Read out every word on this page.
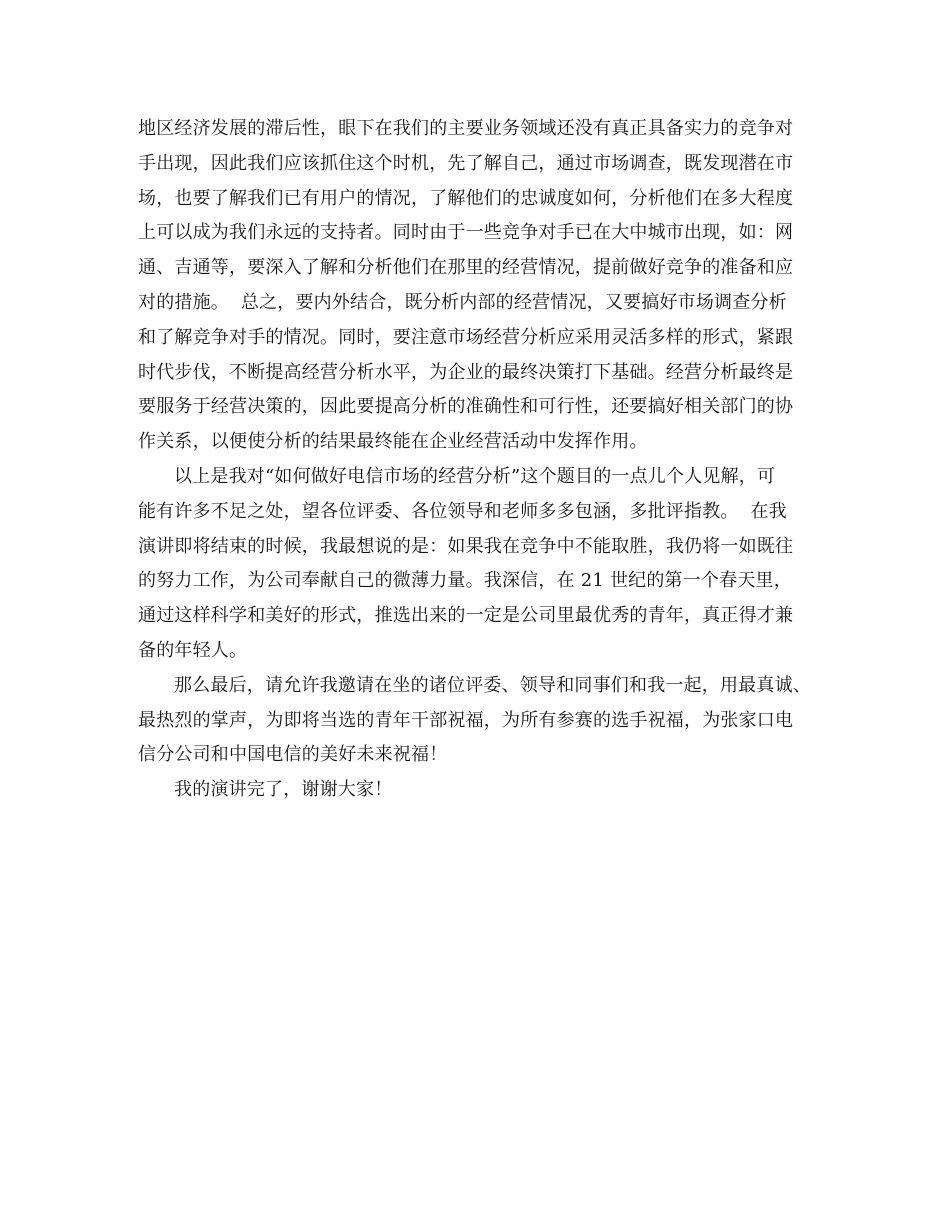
地区经济发展的滞后性，眼下在我们的主要业务领域还没有真正具备实力的竞争对
手出现，因此我们应该抓住这个时机，先了解自己，通过市场调查，既发现潜在市
场，也要了解我们已有用户的情况，了解他们的忠诚度如何，分析他们在多大程度
上可以成为我们永远的支持者。同时由于一些竞争对手已在大中城市出现，如：网
通、吉通等，要深入了解和分析他们在那里的经营情况，提前做好竞争的准备和应
对的措施。  总之，要内外结合，既分析内部的经营情况，又要搞好市场调查分析
和了解竞争对手的情况。同时，要注意市场经营分析应采用灵活多样的形式，紧跟
时代步伐，不断提高经营分析水平，为企业的最终决策打下基础。经营分析最终是
要服务于经营决策的，因此要提高分析的准确性和可行性，还要搞好相关部门的协
作关系，以便使分析的结果最终能在企业经营活动中发挥作用。

以上是我对“如何做好电信市场的经营分析”这个题目的一点儿个人见解，可
能有许多不足之处，望各位评委、各位领导和老师多多包涵，多批评指教。  在我
演讲即将结束的时候，我最想说的是：如果我在竞争中不能取胜，我仍将一如既往
的努力工作，为公司奉献自己的微薄力量。我深信，在 21 世纪的第一个春天里，
通过这样科学和美好的形式，推选出来的一定是公司里最优秀的青年，真正得才兼
备的年轻人。

那么最后，请允许我邀请在坐的诸位评委、领导和同事们和我一起，用最真诚、
最热烈的掌声，为即将当选的青年干部祝福，为所有参赛的选手祝福，为张家口电
信分公司和中国电信的美好未来祝福！

我的演讲完了，谢谢大家！
